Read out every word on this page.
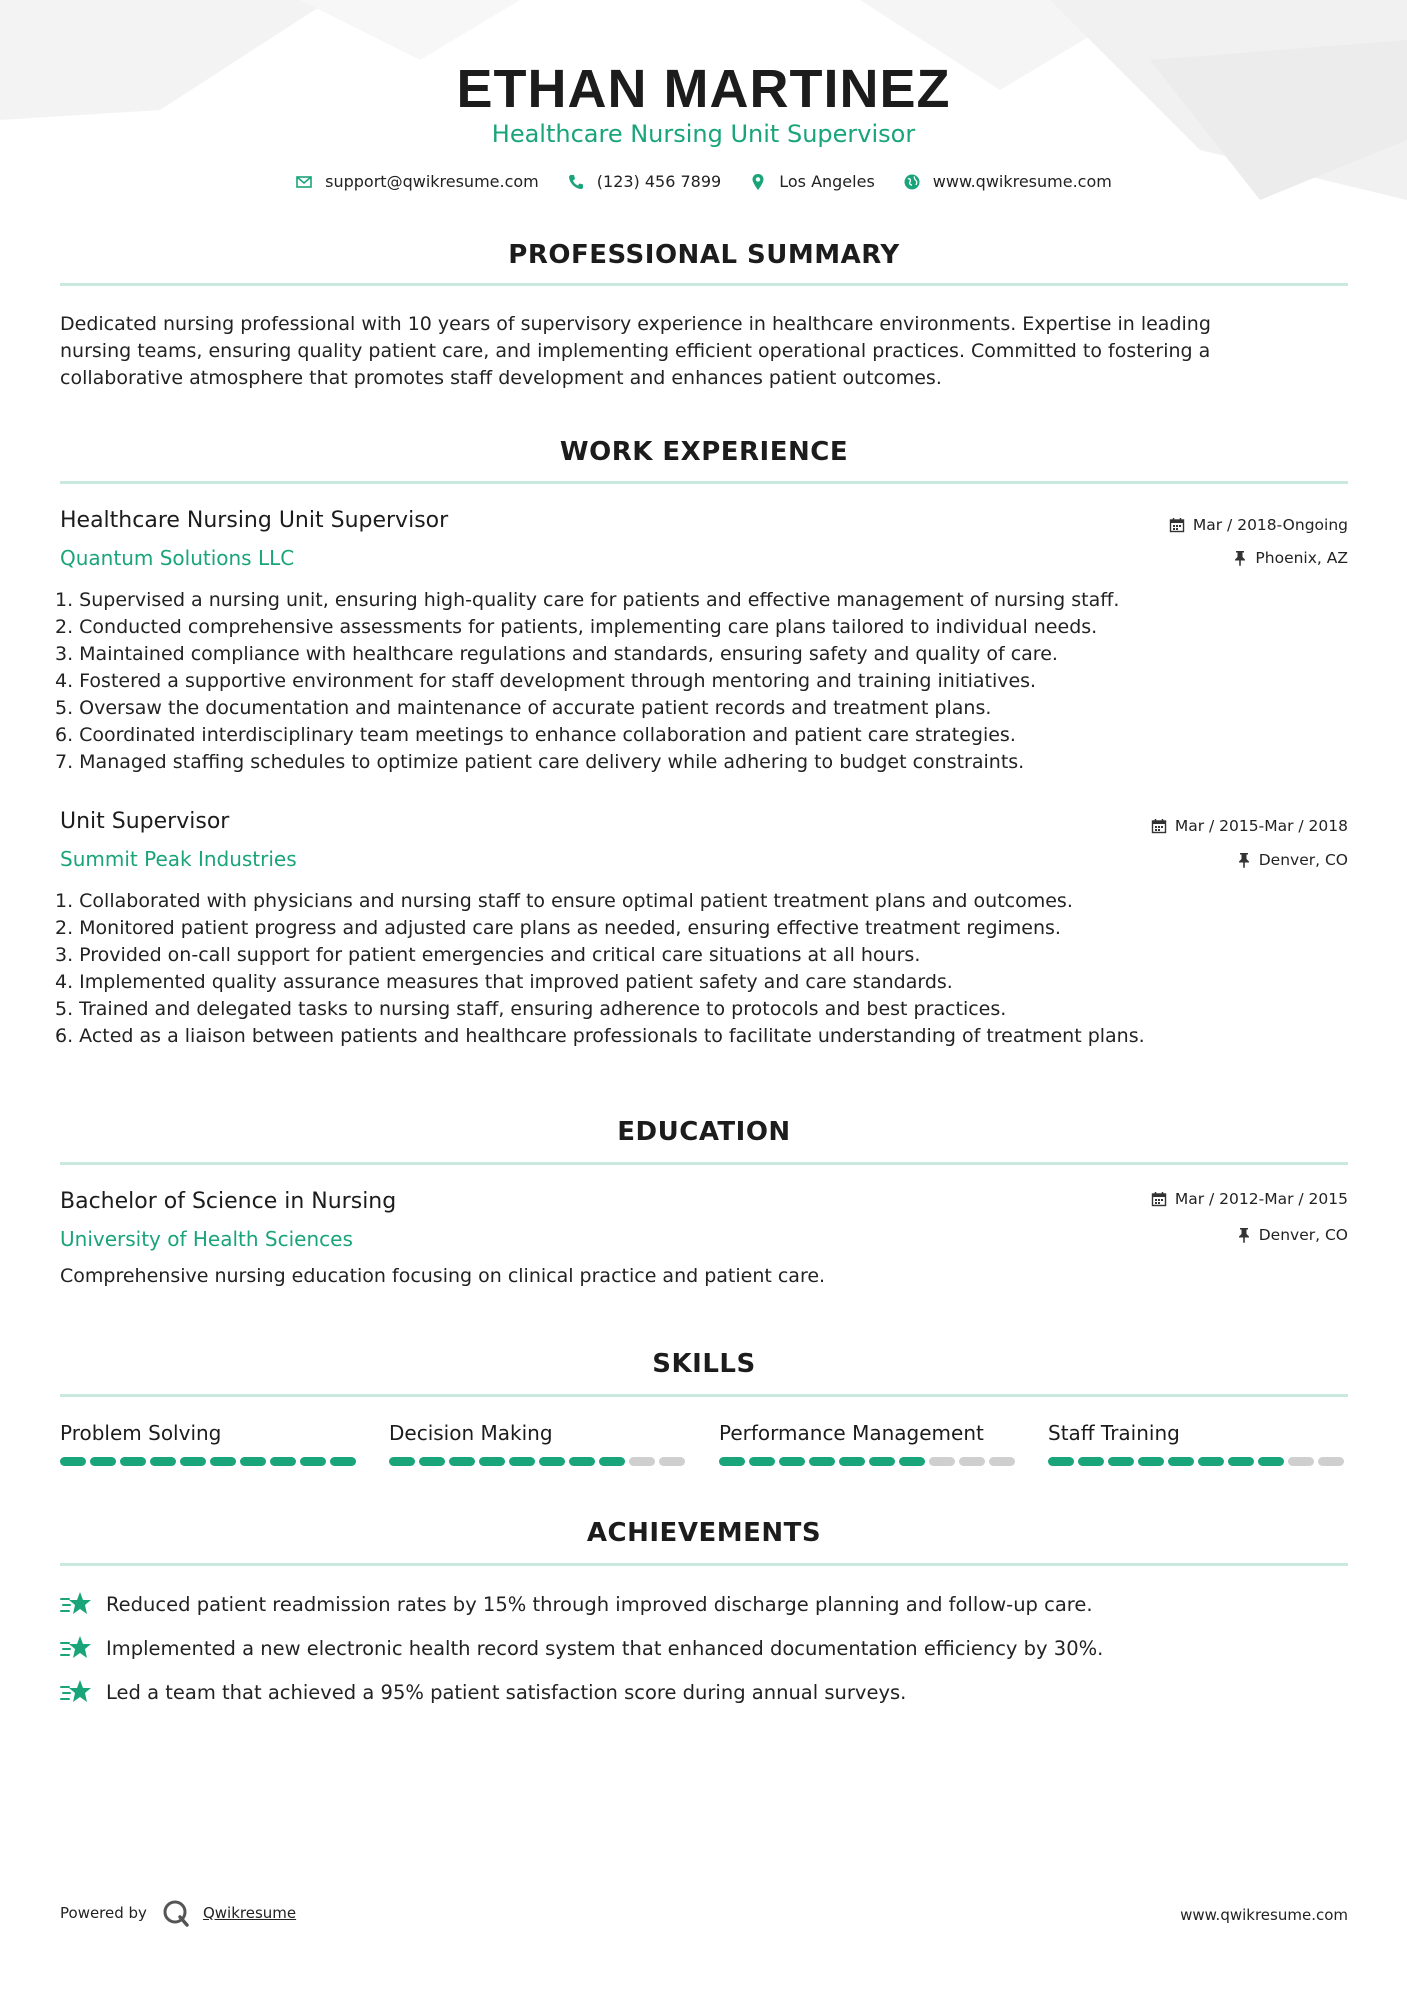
ETHAN MARTINEZ
Healthcare Nursing Unit Supervisor
support@qwikresume.com	(123) 456 7899	Los Angeles	www.qwikresume.com
PROFESSIONAL SUMMARY
Dedicated nursing professional with 10 years of supervisory experience in healthcare environments. Expertise in leading
nursing teams, ensuring quality patient care, and implementing efficient operational practices. Committed to fostering a
collaborative atmosphere that promotes staff development and enhances patient outcomes.
WORK EXPERIENCE
Healthcare Nursing Unit Supervisor
Quantum Solutions LLC
Mar / 2018-Ongoing
Phoenix, AZ
1. Supervised a nursing unit, ensuring high-quality care for patients and effective management of nursing staff.
2. Conducted comprehensive assessments for patients, implementing care plans tailored to individual needs.
3. Maintained compliance with healthcare regulations and standards, ensuring safety and quality of care.
4. Fostered a supportive environment for staff development through mentoring and training initiatives.
5. Oversaw the documentation and maintenance of accurate patient records and treatment plans.
6. Coordinated interdisciplinary team meetings to enhance collaboration and patient care strategies.
7. Managed staffing schedules to optimize patient care delivery while adhering to budget constraints.
Unit Supervisor
Summit Peak Industries
Mar / 2015-Mar / 2018
Denver, CO
1. Collaborated with physicians and nursing staff to ensure optimal patient treatment plans and outcomes.
2. Monitored patient progress and adjusted care plans as needed, ensuring effective treatment regimens.
3. Provided on-call support for patient emergencies and critical care situations at all hours.
4. Implemented quality assurance measures that improved patient safety and care standards.
5. Trained and delegated tasks to nursing staff, ensuring adherence to protocols and best practices.
6. Acted as a liaison between patients and healthcare professionals to facilitate understanding of treatment plans.
EDUCATION
Bachelor of Science in Nursing
University of Health Sciences
Mar / 2012-Mar / 2015
Denver, CO
Comprehensive nursing education focusing on clinical practice and patient care.
SKILLS
Problem Solving	Decision Making	Performance Management	Staff Training
ACHIEVEMENTS
Reduced patient readmission rates by 15% through improved discharge planning and follow-up care.
Implemented a new electronic health record system that enhanced documentation efficiency by 30%.
Led a team that achieved a 95% patient satisfaction score during annual surveys.
Powered by	Qwikresume	www.qwikresume.com
